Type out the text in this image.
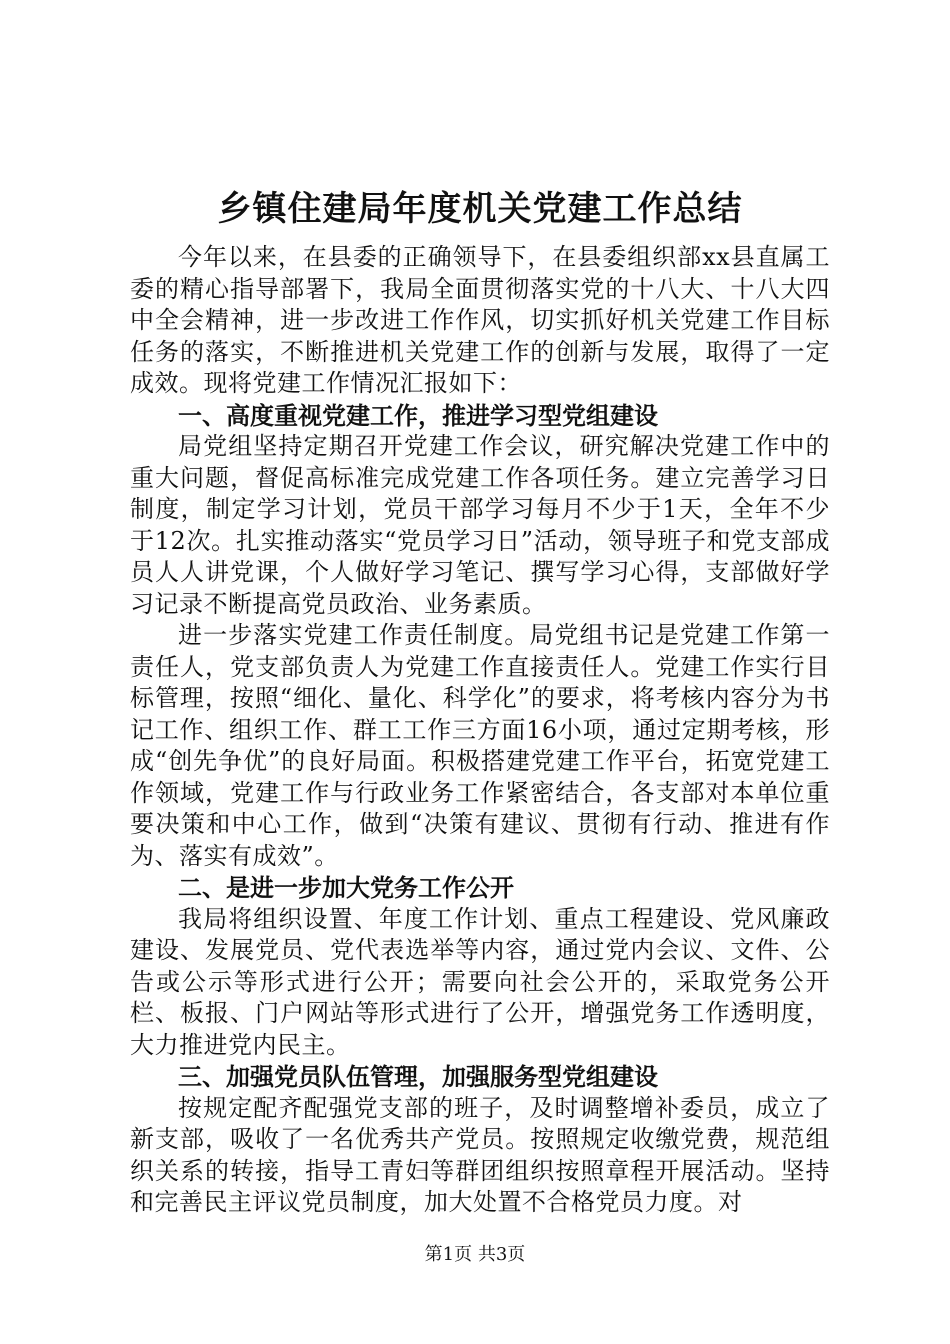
乡镇住建局年度机关党建工作总结

今年以来，在县委的正确领导下，在县委组织部xx县直属工委的精心指导部署下，我局全面贯彻落实党的十八大、十八大四中全会精神，进一步改进工作作风，切实抓好机关党建工作目标任务的落实，不断推进机关党建工作的创新与发展，取得了一定成效。现将党建工作情况汇报如下：

一、高度重视党建工作，推进学习型党组建设

局党组坚持定期召开党建工作会议，研究解决党建工作中的重大问题，督促高标准完成党建工作各项任务。建立完善学习日制度，制定学习计划，党员干部学习每月不少于1天，全年不少于12次。扎实推动落实“党员学习日”活动，领导班子和党支部成员人人讲党课，个人做好学习笔记、撰写学习心得，支部做好学习记录不断提高党员政治、业务素质。

进一步落实党建工作责任制度。局党组书记是党建工作第一责任人，党支部负责人为党建工作直接责任人。党建工作实行目标管理，按照“细化、量化、科学化”的要求，将考核内容分为书记工作、组织工作、群工工作三方面16小项，通过定期考核，形成“创先争优”的良好局面。积极搭建党建工作平台，拓宽党建工作领域，党建工作与行政业务工作紧密结合，各支部对本单位重要决策和中心工作，做到“决策有建议、贯彻有行动、推进有作为、落实有成效”。

二、是进一步加大党务工作公开

我局将组织设置、年度工作计划、重点工程建设、党风廉政建设、发展党员、党代表选举等内容，通过党内会议、文件、公告或公示等形式进行公开；需要向社会公开的，采取党务公开栏、板报、门户网站等形式进行了公开，增强党务工作透明度，大力推进党内民主。

三、加强党员队伍管理，加强服务型党组建设

按规定配齐配强党支部的班子，及时调整增补委员，成立了新支部，吸收了一名优秀共产党员。按照规定收缴党费，规范组织关系的转接，指导工青妇等群团组织按照章程开展活动。坚持和完善民主评议党员制度，加大处置不合格党员力度。对

第1页 共3页
